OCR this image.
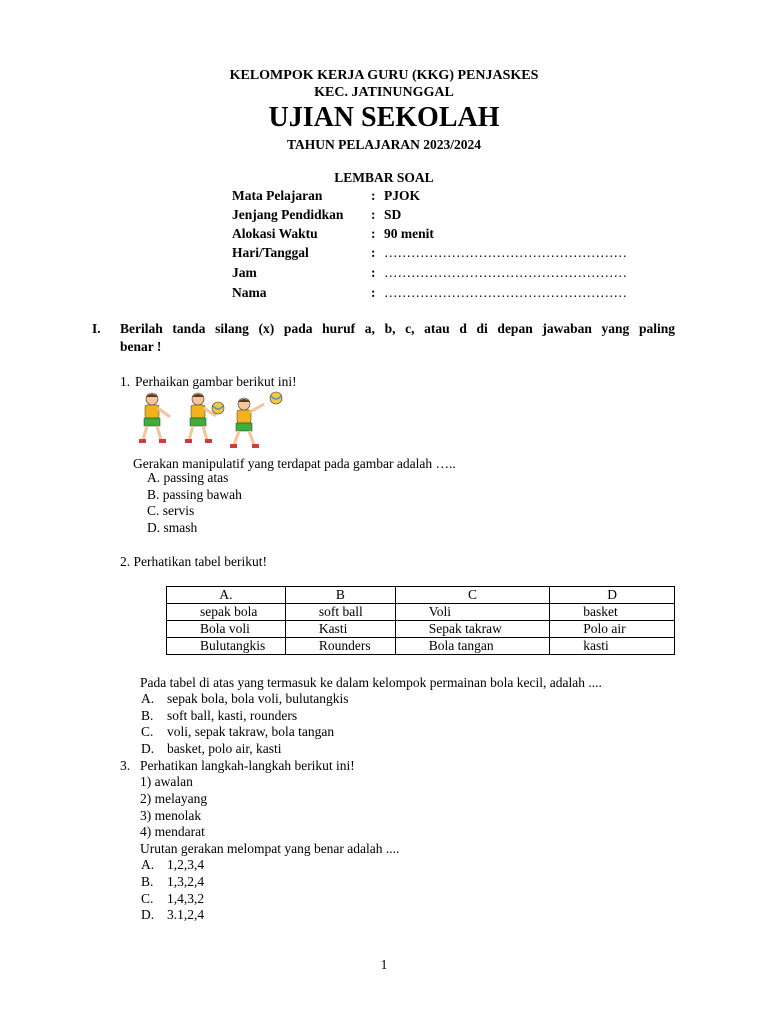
KELOMPOK KERJA GURU (KKG) PENJASKES
KEC. JATINUNGGAL
UJIAN SEKOLAH
TAHUN PELAJARAN 2023/2024
LEMBAR SOAL
Mata Pelajaran	: PJOK
Jenjang Pendidkan : SD
Alokasi Waktu	: 90 menit
Hari/Tanggal	: ………………………………………………
Jam	: ………………………………………………
Nama	: ………………………………………………
I. Berilah tanda silang (x) pada huruf a, b, c, atau d di depan jawaban yang paling
benar !
1. Perhaikan gambar berikut ini!
Gerakan manipulatif yang terdapat pada gambar adalah …..
A. passing atas
B. passing bawah
C. servis
D. smash
2. Perhatikan tabel berikut!
A.	B	C	D
sepak bola	soft ball	Voli	basket
Bola voli	Kasti	Sepak takraw	Polo air
Bulutangkis	Rounders	Bola tangan	kasti
Pada tabel di atas yang termasuk ke dalam kelompok permainan bola kecil, adalah ....
A. sepak bola, bola voli, bulutangkis
B. soft ball, kasti, rounders
C. voli, sepak takraw, bola tangan
D. basket, polo air, kasti
3. Perhatikan langkah-langkah berikut ini!
1) awalan
2) melayang
3) menolak
4) mendarat
Urutan gerakan melompat yang benar adalah ....
A. 1,2,3,4
B. 1,3,2,4
C. 1,4,3,2
D. 3.1,2,4
1
